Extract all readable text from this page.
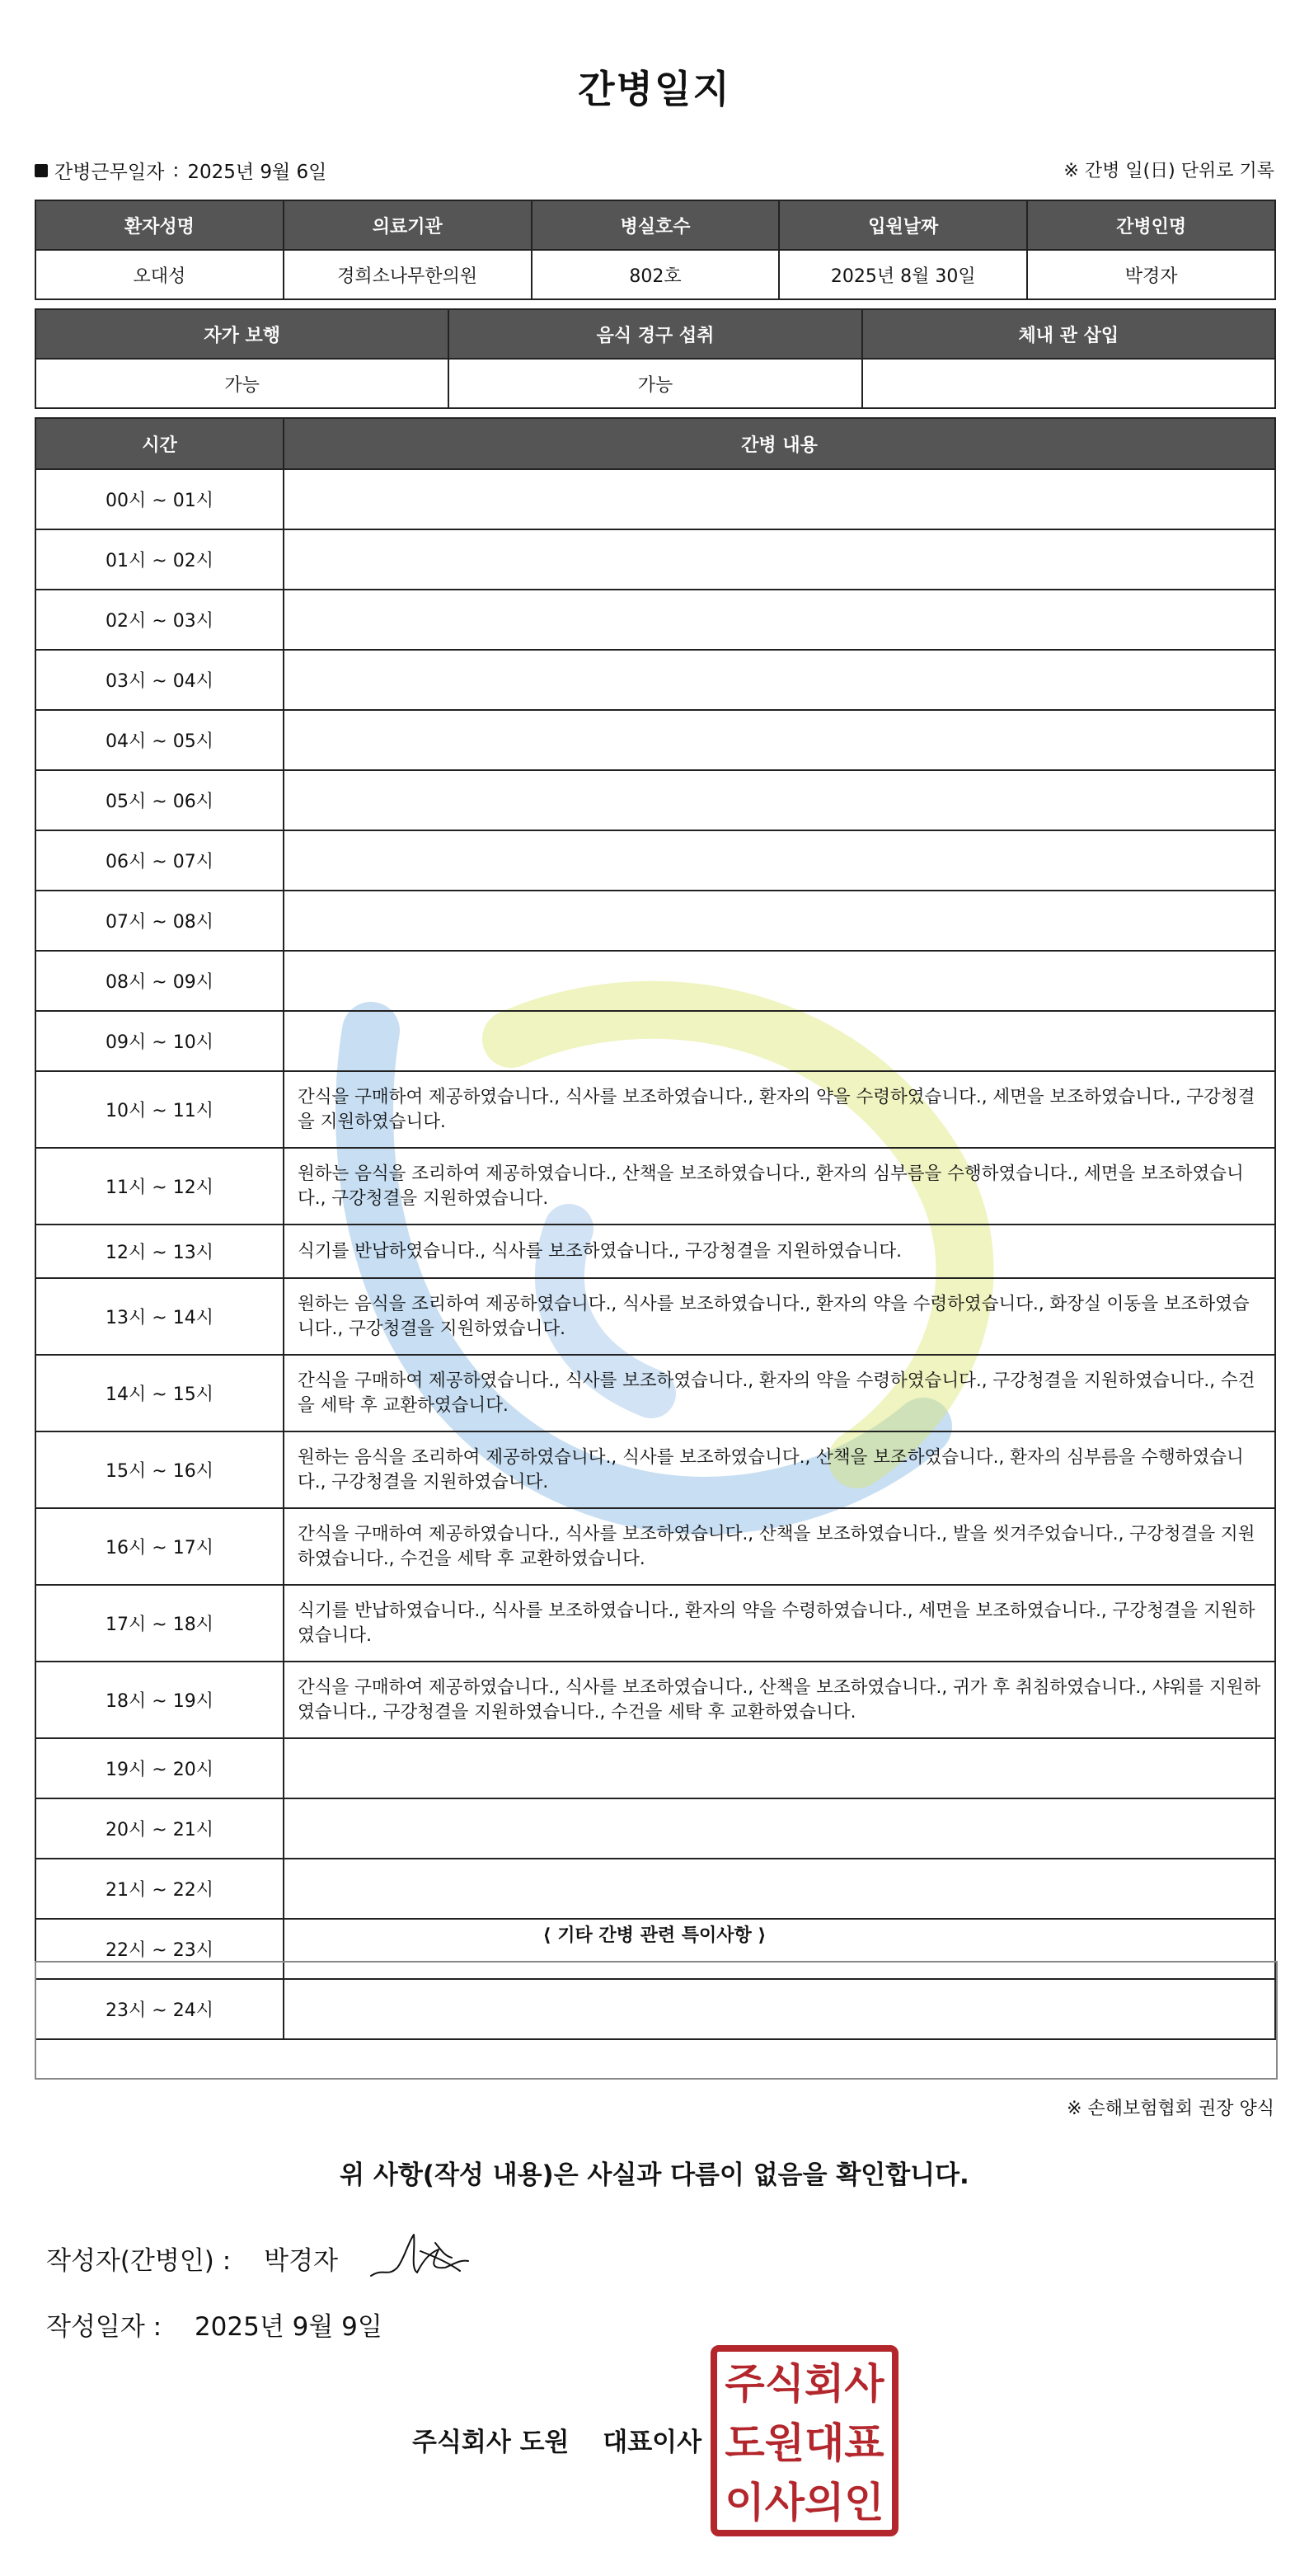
간병일지
간병근무일자 : 2025년 9월 6일	※ 간병 일(日) 단위로 기록
환자성명	의료기관	병실호수	입원날짜	간병인명
오대성	경희소나무한의원	802호	2025년 8월 30일	박경자
자가 보행	음식 경구 섭취	체내 관 삽입
가능	가능	
시간	간병 내용
00시 ~ 01시	
01시 ~ 02시	
02시 ~ 03시	
03시 ~ 04시	
04시 ~ 05시	
05시 ~ 06시	
06시 ~ 07시	
07시 ~ 08시	
08시 ~ 09시	
09시 ~ 10시	
10시 ~ 11시	간식을 구매하여 제공하였습니다., 식사를 보조하였습니다., 환자의 약을 수령하였습니다., 세면을 보조하였습니다., 구강청결을 지원하였습니다.
11시 ~ 12시	원하는 음식을 조리하여 제공하였습니다., 산책을 보조하였습니다., 환자의 심부름을 수행하였습니다., 세면을 보조하였습니다., 구강청결을 지원하였습니다.
12시 ~ 13시	식기를 반납하였습니다., 식사를 보조하였습니다., 구강청결을 지원하였습니다.
13시 ~ 14시	원하는 음식을 조리하여 제공하였습니다., 식사를 보조하였습니다., 환자의 약을 수령하였습니다., 화장실 이동을 보조하였습니다., 구강청결을 지원하였습니다.
14시 ~ 15시	간식을 구매하여 제공하였습니다., 식사를 보조하였습니다., 환자의 약을 수령하였습니다., 구강청결을 지원하였습니다., 수건을 세탁 후 교환하였습니다.
15시 ~ 16시	원하는 음식을 조리하여 제공하였습니다., 식사를 보조하였습니다., 산책을 보조하였습니다., 환자의 심부름을 수행하였습니다., 구강청결을 지원하였습니다.
16시 ~ 17시	간식을 구매하여 제공하였습니다., 식사를 보조하였습니다., 산책을 보조하였습니다., 발을 씻겨주었습니다., 구강청결을 지원하였습니다., 수건을 세탁 후 교환하였습니다.
17시 ~ 18시	식기를 반납하였습니다., 식사를 보조하였습니다., 환자의 약을 수령하였습니다., 세면을 보조하였습니다., 구강청결을 지원하였습니다.
18시 ~ 19시	간식을 구매하여 제공하였습니다., 식사를 보조하였습니다., 산책을 보조하였습니다., 귀가 후 취침하였습니다., 샤워를 지원하였습니다., 구강청결을 지원하였습니다., 수건을 세탁 후 교환하였습니다.
19시 ~ 20시	
20시 ~ 21시	
21시 ~ 22시	
22시 ~ 23시	
23시 ~ 24시	
⟨ 기타 간병 관련 특이사항 ⟩
※ 손해보험협회 권장 양식
위 사항(작성 내용)은 사실과 다름이 없음을 확인합니다.
작성자(간병인) : 박경자
작성일자 : 2025년 9월 9일
주식회사 도원 대표이사
주식회사
도원대표
이사의인
